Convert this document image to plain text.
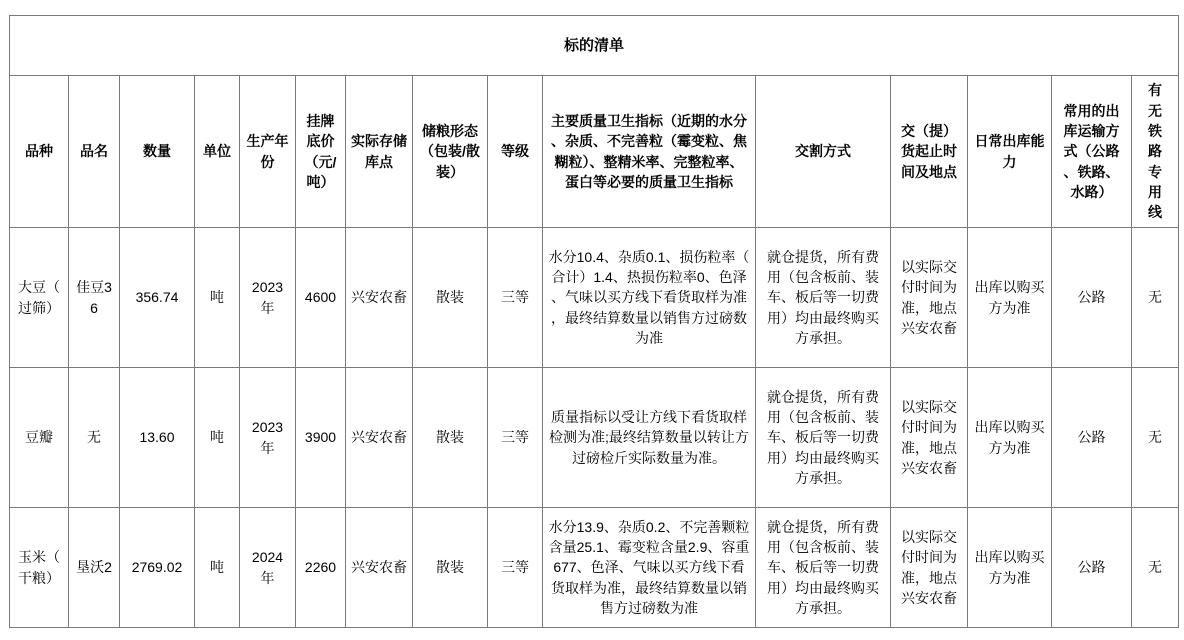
标的清单														
品种	品名	数量	单位	生产年份	挂牌底价（元/吨）	实际存储库点	储粮形态（包装/散装）	等级	主要质量卫生指标（近期的水分、杂质、不完善粒（霉变粒、焦糊粒）、整精米率、完整粒率、蛋白等必要的质量卫生指标	交割方式	交（提）货起止时间及地点	日常出库能力	常用的出库运输方式（公路、铁路、水路）	有无铁路专用线
大豆（过筛）	佳豆36	356.74	吨	2023年	4600	兴安农畜	散装	三等	水分10.4、杂质0.1、损伤粒率（合计）1.4、热损伤粒率0、色泽、气味以买方线下看货取样为准，最终结算数量以销售方过磅数为准	就仓提货，所有费用（包含板前、装车、板后等一切费用）均由最终购买方承担。	以实际交付时间为准，地点兴安农畜	出库以购买方为准	公路	无
豆瓣	无	13.60	吨	2023年	3900	兴安农畜	散装	三等	质量指标以受让方线下看货取样检测为准;最终结算数量以转让方过磅检斤实际数量为准。	就仓提货，所有费用（包含板前、装车、板后等一切费用）均由最终购买方承担。	以实际交付时间为准，地点兴安农畜	出库以购买方为准	公路	无
玉米（干粮）	垦沃2	2769.02	吨	2024年	2260	兴安农畜	散装	三等	水分13.9、杂质0.2、不完善颗粒含量25.1、霉变粒含量2.9、容重677、色泽、气味以买方线下看货取样为准，最终结算数量以销售方过磅数为准	就仓提货，所有费用（包含板前、装车、板后等一切费用）均由最终购买方承担。	以实际交付时间为准，地点兴安农畜	出库以购买方为准	公路	无
